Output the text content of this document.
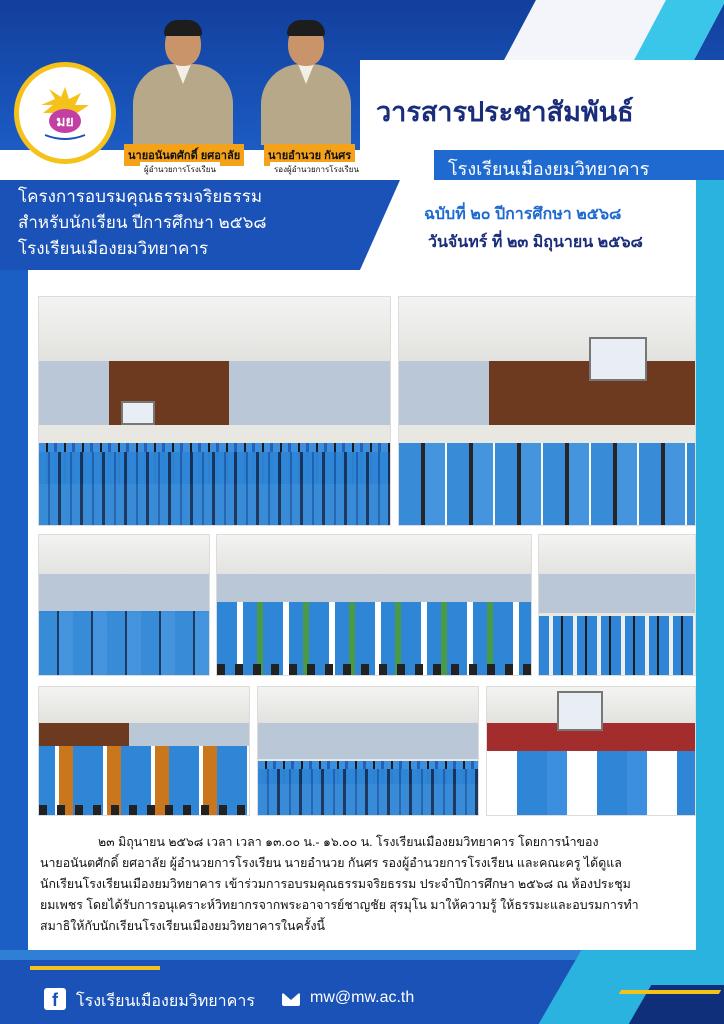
มย
นายอนันตศักดิ์ ยศอาลัย
ผู้อำนวยการโรงเรียน
นายอำนวย กันศร
รองผู้อำนวยการโรงเรียน
วารสารประชาสัมพันธ์
โรงเรียนเมืองยมวิทยาคาร
โครงการอบรมคุณธรรมจริยธรรม
สำหรับนักเรียน ปีการศึกษา ๒๕๖๘
โรงเรียนเมืองยมวิทยาคาร
ฉบับที่ ๒๐ ปีการศึกษา ๒๕๖๘
วันจันทร์ ที่ ๒๓ มิถุนายน ๒๕๖๘
๒๓ มิถุนายน ๒๕๖๘ เวลา เวลา ๑๓.๐๐ น.- ๑๖.๐๐ น. โรงเรียนเมืองยมวิทยาคาร โดยการนำของ
นายอนันตศักดิ์ ยศอาลัย ผู้อำนวยการโรงเรียน นายอำนวย กันศร รองผู้อำนวยการโรงเรียน และคณะครู ได้ดูแล
นักเรียนโรงเรียนเมืองยมวิทยาคาร เข้าร่วมการอบรมคุณธรรมจริยธรรม ประจำปีการศึกษา ๒๕๖๘ ณ ห้องประชุม
ยมเพชร โดยได้รับการอนุเคราะห์วิทยากรจากพระอาจารย์ชาญชัย สุรมุโน มาให้ความรู้ ให้ธรรมะและอบรมการทำ
สมาธิให้กับนักเรียนโรงเรียนเมืองยมวิทยาคารในครั้งนี้
f	โรงเรียนเมืองยมวิทยาคาร	mw@mw.ac.th
